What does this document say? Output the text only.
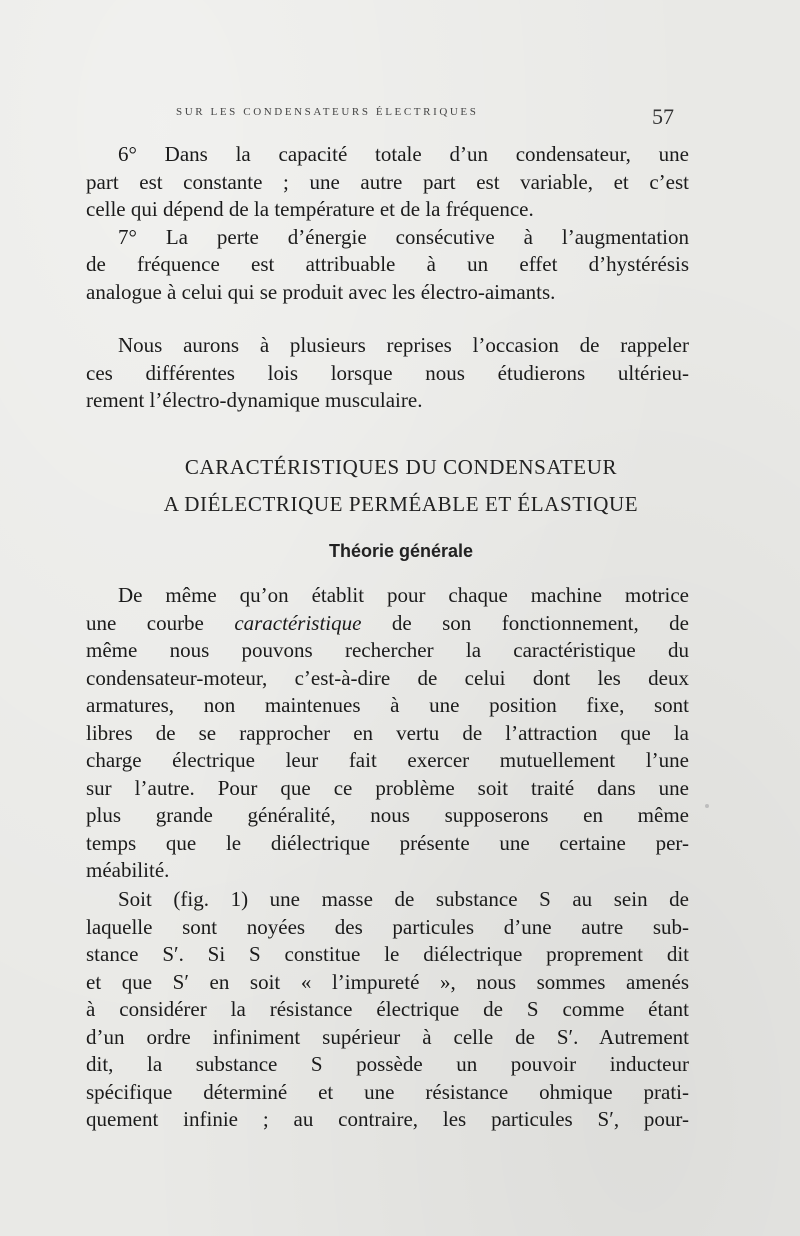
SUR LES CONDENSATEURS ÉLECTRIQUES	57
6° Dans la capacité totale d’un condensateur, une
part est constante ; une autre part est variable, et c’est
celle qui dépend de la température et de la fréquence.
7° La perte d’énergie consécutive à l’augmentation
de fréquence est attribuable à un effet d’hystérésis
analogue à celui qui se produit avec les électro-aimants.
Nous aurons à plusieurs reprises l’occasion de rappeler
ces différentes lois lorsque nous étudierons ultérieu-
rement l’électro-dynamique musculaire.
CARACTÉRISTIQUES DU CONDENSATEUR
A DIÉLECTRIQUE PERMÉABLE ET ÉLASTIQUE
Théorie générale
De même qu’on établit pour chaque machine motrice
une courbe caractéristique de son fonctionnement, de
même nous pouvons rechercher la caractéristique du
condensateur-moteur, c’est-à-dire de celui dont les deux
armatures, non maintenues à une position fixe, sont
libres de se rapprocher en vertu de l’attraction que la
charge électrique leur fait exercer mutuellement l’une
sur l’autre. Pour que ce problème soit traité dans une
plus grande généralité, nous supposerons en même
temps que le diélectrique présente une certaine per-
méabilité.
Soit (fig. 1) une masse de substance S au sein de
laquelle sont noyées des particules d’une autre sub-
stance S′. Si S constitue le diélectrique proprement dit
et que S′ en soit « l’impureté », nous sommes amenés
à considérer la résistance électrique de S comme étant
d’un ordre infiniment supérieur à celle de S′. Autrement
dit, la substance S possède un pouvoir inducteur
spécifique déterminé et une résistance ohmique prati-
quement infinie ; au contraire, les particules S′, pour-
